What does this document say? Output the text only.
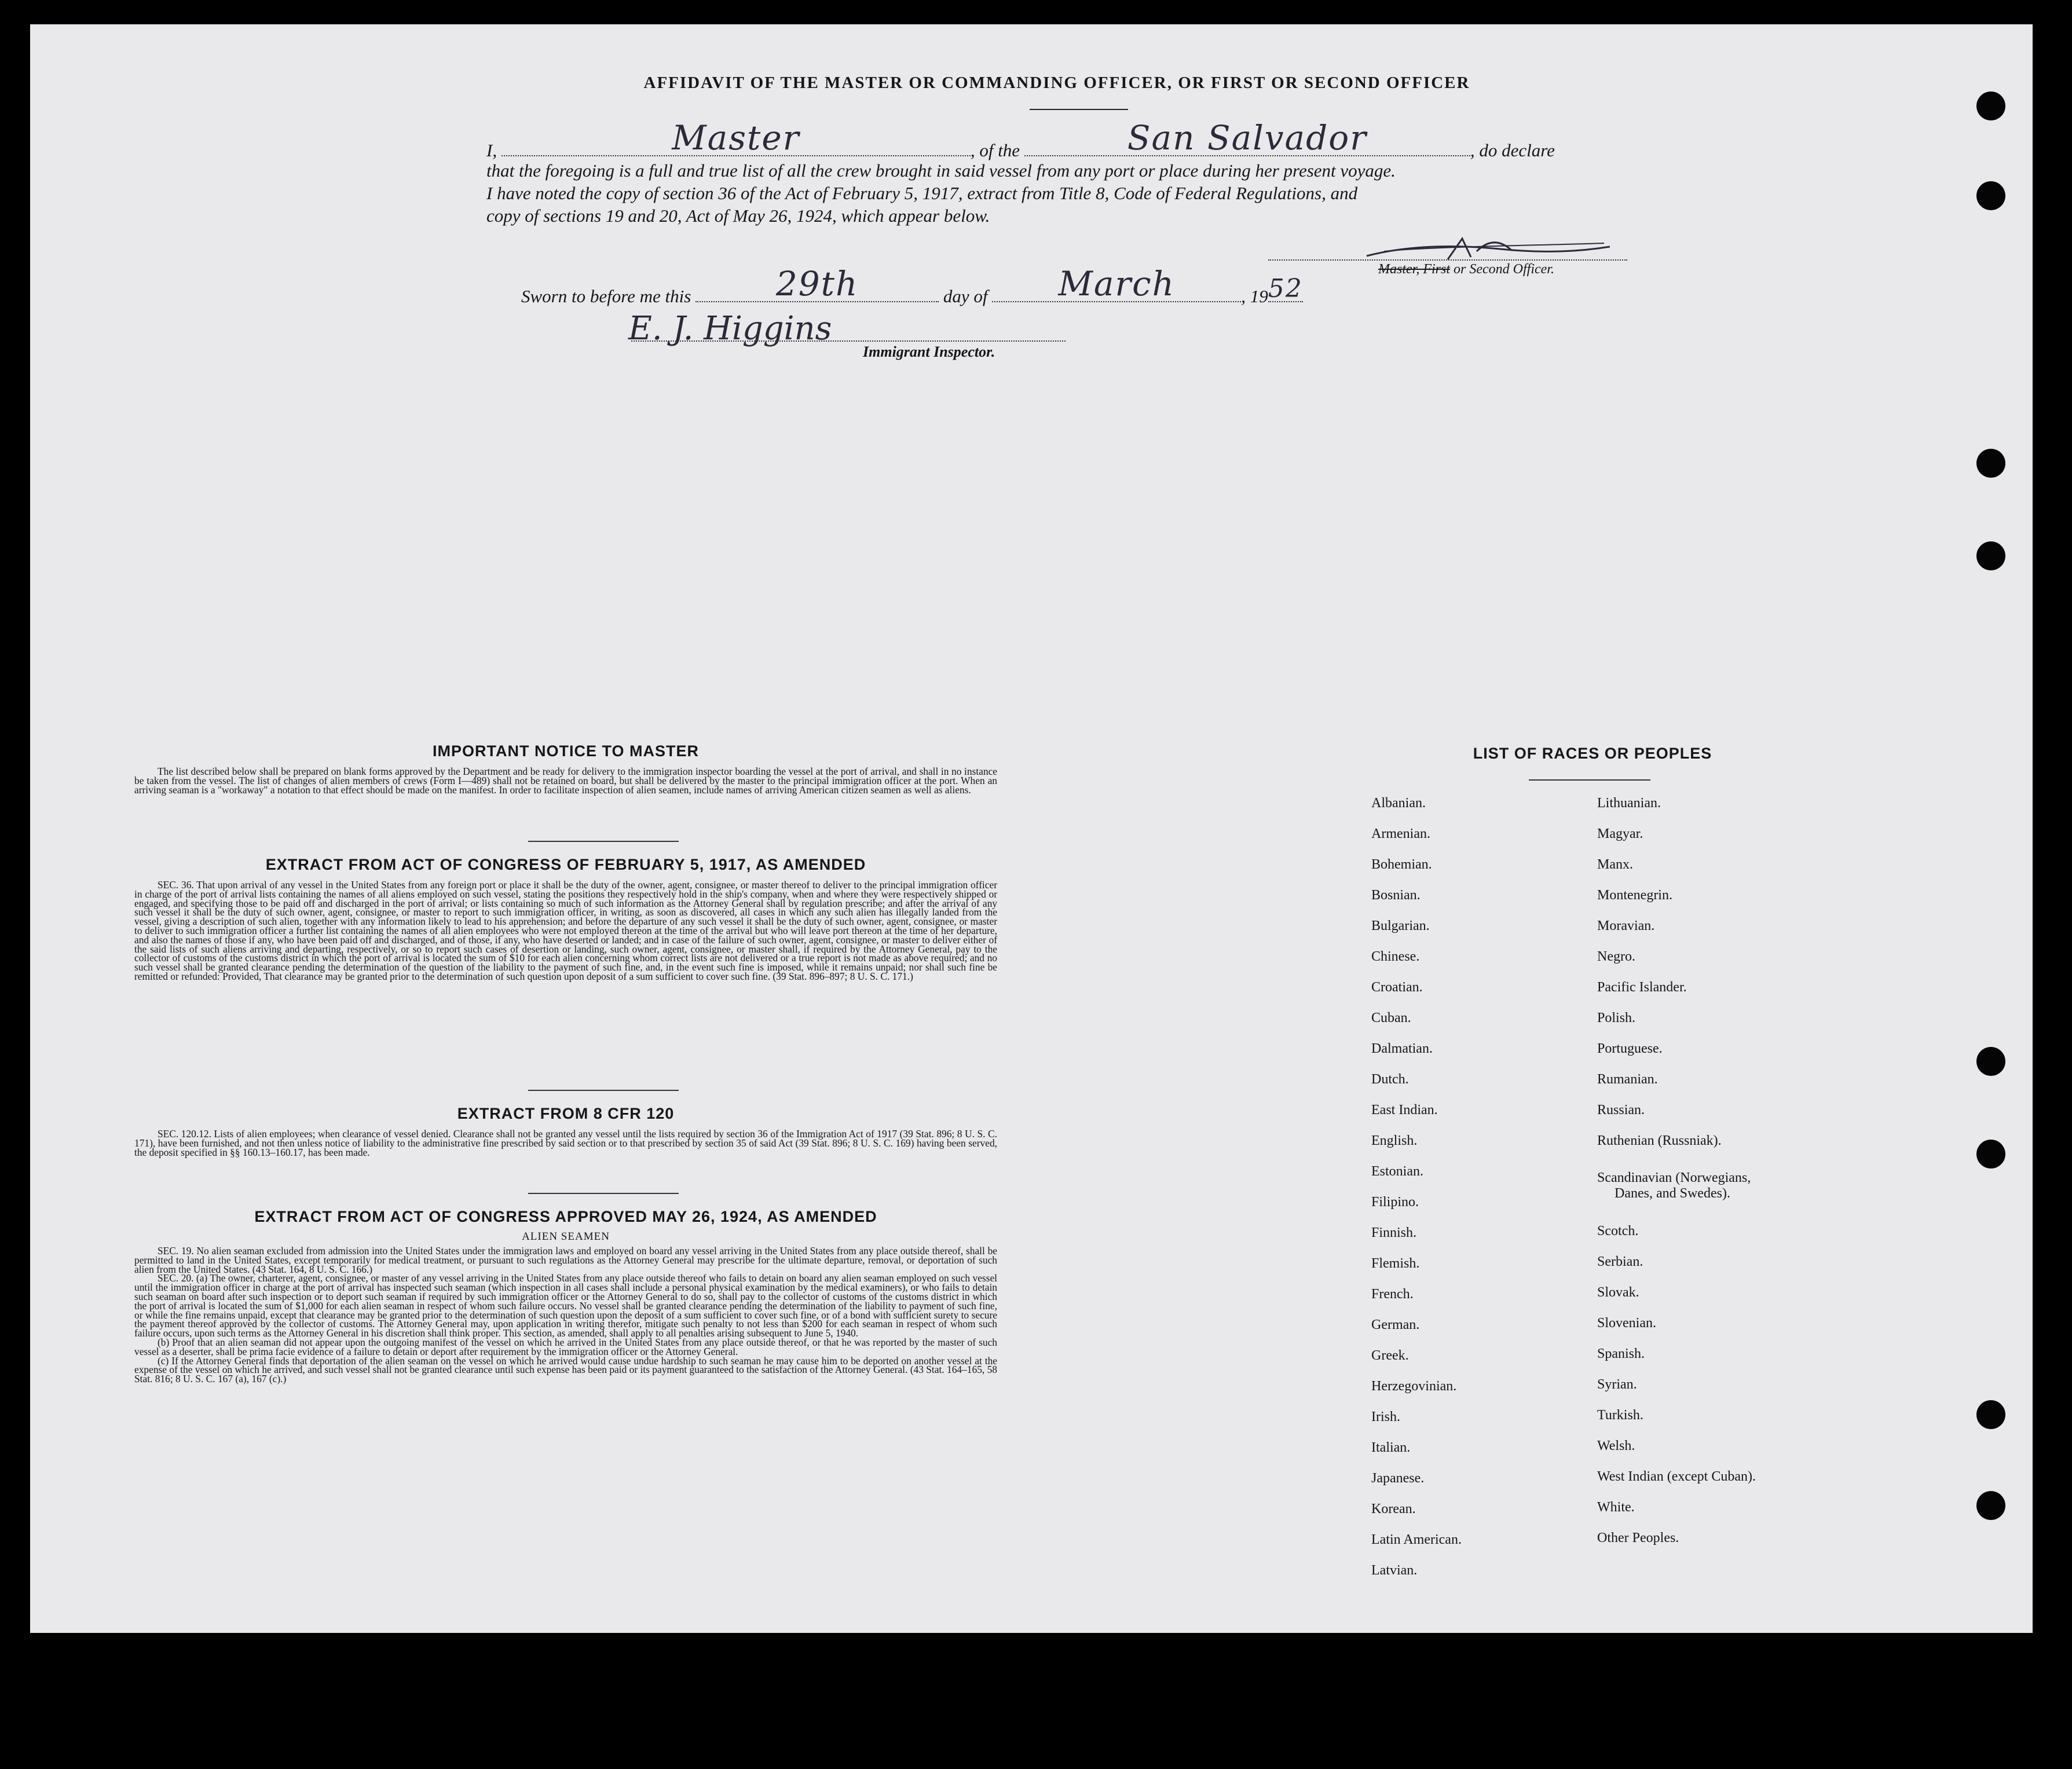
AFFIDAVIT OF THE MASTER OR COMMANDING OFFICER, OR FIRST OR SECOND OFFICER
I,	Master	, of the	San Salvador	, do declare
that the foregoing is a full and true list of all the crew brought in said vessel from any port or place during her present voyage.
I have noted the copy of section 36 of the Act of February 5, 1917, extract from Title 8, Code of Federal Regulations, and
copy of sections 19 and 20, Act of May 26, 1924, which appear below.
Master, First or Second Officer.
Sworn to before me this	29th	day of	March	, 19 52
E. J. Higgins
Immigrant Inspector.
IMPORTANT NOTICE TO MASTER

The list described below shall be prepared on blank forms approved by the Department and be ready for delivery to the immigration inspector boarding the vessel at the port of arrival, and shall in no instance be taken from the vessel. The list of changes of alien members of crews (Form I—489) shall not be retained on board, but shall be delivered by the master to the principal immigration officer at the port. When an arriving seaman is a "workaway" a notation to that effect should be made on the manifest. In order to facilitate inspection of alien seamen, include names of arriving American citizen seamen as well as aliens.

EXTRACT FROM ACT OF CONGRESS OF FEBRUARY 5, 1917, AS AMENDED

SEC. 36. That upon arrival of any vessel in the United States from any foreign port or place it shall be the duty of the owner, agent, consignee, or master thereof to deliver to the principal immigration officer in charge of the port of arrival lists containing the names of all aliens employed on such vessel, stating the positions they respectively hold in the ship's company, when and where they were respectively shipped or engaged, and specifying those to be paid off and discharged in the port of arrival; or lists containing so much of such information as the Attorney General shall by regulation prescribe; and after the arrival of any such vessel it shall be the duty of such owner, agent, consignee, or master to report to such immigration officer, in writing, as soon as discovered, all cases in which any such alien has illegally landed from the vessel, giving a description of such alien, together with any information likely to lead to his apprehension; and before the departure of any such vessel it shall be the duty of such owner, agent, consignee, or master to deliver to such immigration officer a further list containing the names of all alien employees who were not employed thereon at the time of the arrival but who will leave port thereon at the time of her departure, and also the names of those if any, who have been paid off and discharged, and of those, if any, who have deserted or landed; and in case of the failure of such owner, agent, consignee, or master to deliver either of the said lists of such aliens arriving and departing, respectively, or so to report such cases of desertion or landing, such owner, agent, consignee, or master shall, if required by the Attorney General, pay to the collector of customs of the customs district in which the port of arrival is located the sum of $10 for each alien concerning whom correct lists are not delivered or a true report is not made as above required; and no such vessel shall be granted clearance pending the determination of the question of the liability to the payment of such fine, and, in the event such fine is imposed, while it remains unpaid; nor shall such fine be remitted or refunded: Provided, That clearance may be granted prior to the determination of such question upon deposit of a sum sufficient to cover such fine. (39 Stat. 896–897; 8 U. S. C. 171.)

EXTRACT FROM 8 CFR 120

SEC. 120.12. Lists of alien employees; when clearance of vessel denied. Clearance shall not be granted any vessel until the lists required by section 36 of the Immigration Act of 1917 (39 Stat. 896; 8 U. S. C. 171), have been furnished, and not then unless notice of liability to the administrative fine prescribed by said section or to that prescribed by section 35 of said Act (39 Stat. 896; 8 U. S. C. 169) having been served, the deposit specified in §§ 160.13–160.17, has been made.

EXTRACT FROM ACT OF CONGRESS APPROVED MAY 26, 1924, AS AMENDED
ALIEN SEAMEN

SEC. 19. No alien seaman excluded from admission into the United States under the immigration laws and employed on board any vessel arriving in the United States from any place outside thereof, shall be permitted to land in the United States, except temporarily for medical treatment, or pursuant to such regulations as the Attorney General may prescribe for the ultimate departure, removal, or deportation of such alien from the United States. (43 Stat. 164, 8 U. S. C. 166.)

SEC. 20. (a) The owner, charterer, agent, consignee, or master of any vessel arriving in the United States from any place outside thereof who fails to detain on board any alien seaman employed on such vessel until the immigration officer in charge at the port of arrival has inspected such seaman (which inspection in all cases shall include a personal physical examination by the medical examiners), or who fails to detain such seaman on board after such inspection or to deport such seaman if required by such immigration officer or the Attorney General to do so, shall pay to the collector of customs of the customs district in which the port of arrival is located the sum of $1,000 for each alien seaman in respect of whom such failure occurs. No vessel shall be granted clearance pending the determination of the liability to payment of such fine, or while the fine remains unpaid, except that clearance may be granted prior to the determination of such question upon the deposit of a sum sufficient to cover such fine, or of a bond with sufficient surety to secure the payment thereof approved by the collector of customs. The Attorney General may, upon application in writing therefor, mitigate such penalty to not less than $200 for each seaman in respect of whom such failure occurs, upon such terms as the Attorney General in his discretion shall think proper. This section, as amended, shall apply to all penalties arising subsequent to June 5, 1940.

(b) Proof that an alien seaman did not appear upon the outgoing manifest of the vessel on which he arrived in the United States from any place outside thereof, or that he was reported by the master of such vessel as a deserter, shall be prima facie evidence of a failure to detain or deport after requirement by the immigration officer or the Attorney General.

(c) If the Attorney General finds that deportation of the alien seaman on the vessel on which he arrived would cause undue hardship to such seaman he may cause him to be deported on another vessel at the expense of the vessel on which he arrived, and such vessel shall not be granted clearance until such expense has been paid or its payment guaranteed to the satisfaction of the Attorney General. (43 Stat. 164–165, 58 Stat. 816; 8 U. S. C. 167 (a), 167 (c).)

LIST OF RACES OR PEOPLES
Albanian.
Armenian.
Bohemian.
Bosnian.
Bulgarian.
Chinese.
Croatian.
Cuban.
Dalmatian.
Dutch.
East Indian.
English.
Estonian.
Filipino.
Finnish.
Flemish.
French.
German.
Greek.
Herzegovinian.
Irish.
Italian.
Japanese.
Korean.
Latin American.
Latvian.
Lithuanian.
Magyar.
Manx.
Montenegrin.
Moravian.
Negro.
Pacific Islander.
Polish.
Portuguese.
Rumanian.
Russian.
Ruthenian (Russniak).
Scandinavian (Norwegians,
Danes, and Swedes).
Scotch.
Serbian.
Slovak.
Slovenian.
Spanish.
Syrian.
Turkish.
Welsh.
West Indian (except Cuban).
White.
Other Peoples.
